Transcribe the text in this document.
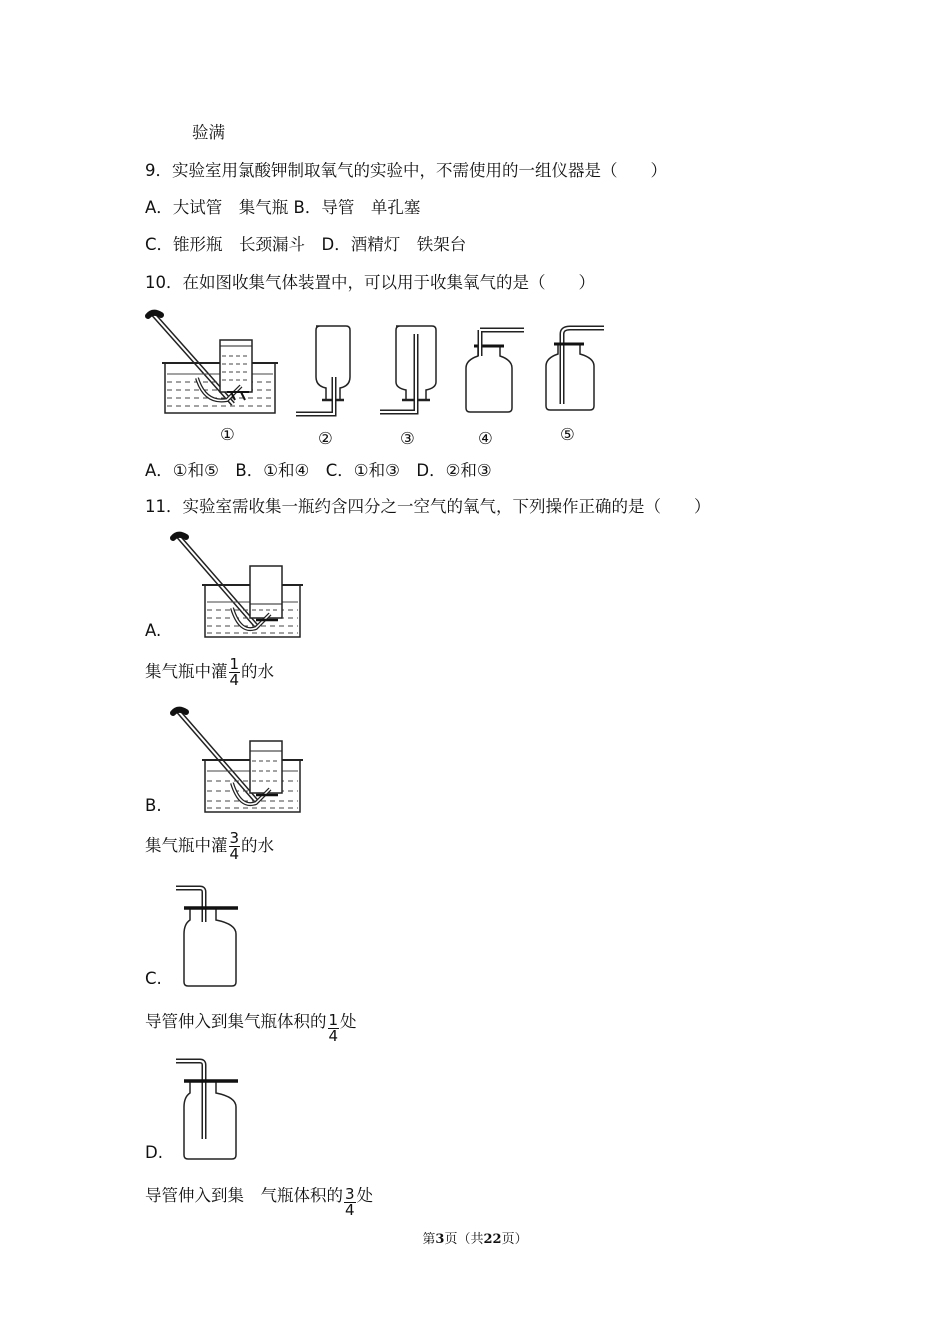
验满
9．实验室用氯酸钾制取氧气的实验中，不需使用的一组仪器是（　　）
A．大试管　集气瓶 B．导管　单孔塞
C．锥形瓶　长颈漏斗　D．酒精灯　铁架台
10．在如图收集气体装置中，可以用于收集氧气的是（　　）
①	②	③	④	⑤
A．①和⑤　B．①和④　C．①和③　D．②和③
11．实验室需收集一瓶约含四分之一空气的氧气，下列操作正确的是（　　）
A.
集气瓶中灌 $\frac{1}{4}$ 的水
B.
集气瓶中灌 $\frac{3}{4}$ 的水
C.
导管伸入到集气瓶体积的 $\frac{1}{4}$ 处
D.
导管伸入到集　气瓶体积的 $\frac{3}{4}$ 处
第3页（共22页）
